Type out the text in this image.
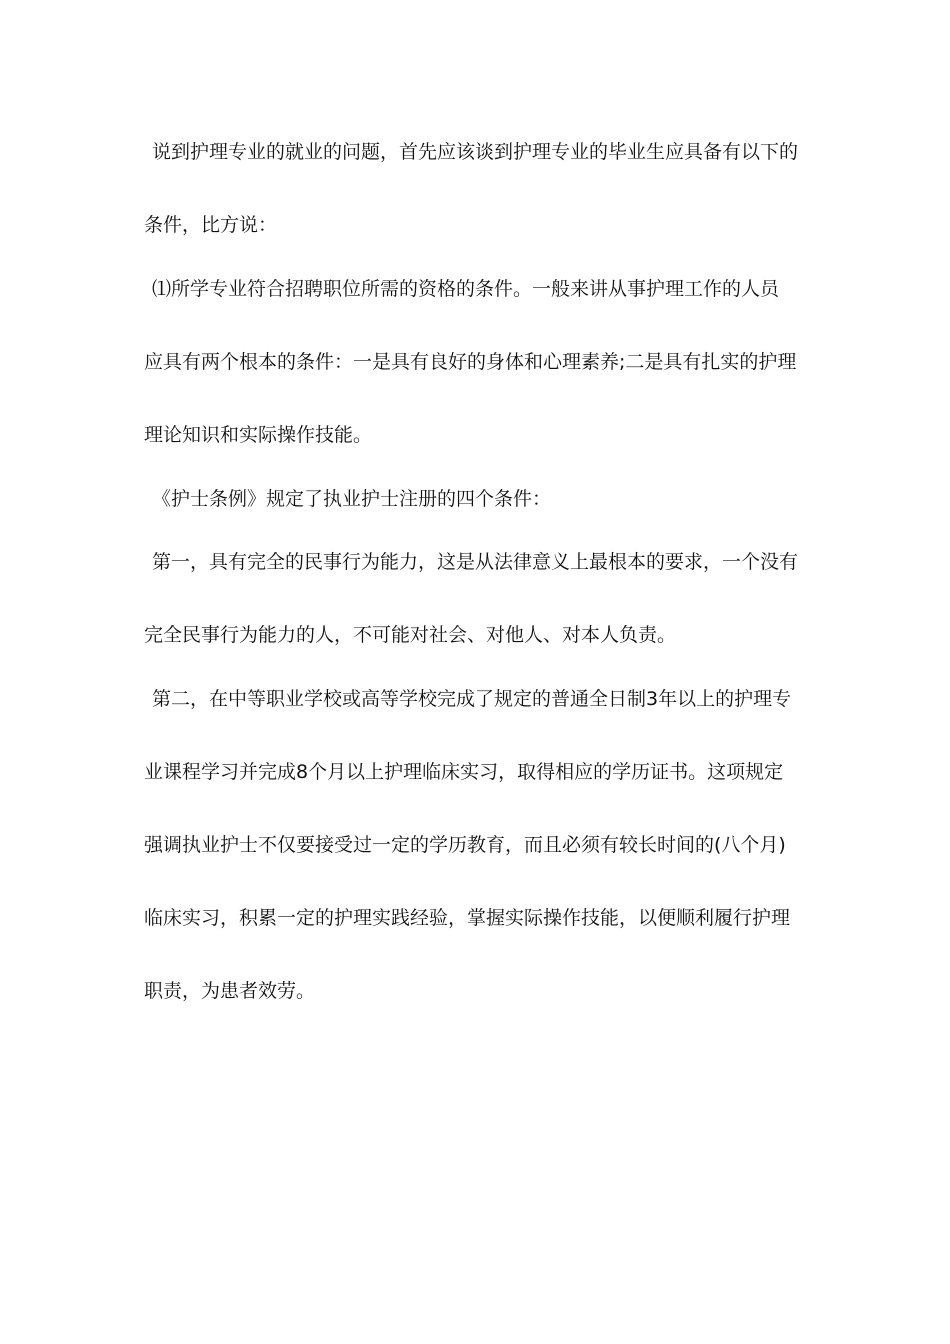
说到护理专业的就业的问题，首先应该谈到护理专业的毕业生应具备有以下的
条件，比方说：
⑴所学专业符合招聘职位所需的资格的条件。一般来讲从事护理工作的人员
应具有两个根本的条件：一是具有良好的身体和心理素养;二是具有扎实的护理
理论知识和实际操作技能。
《护士条例》规定了执业护士注册的四个条件：
第一，具有完全的民事行为能力，这是从法律意义上最根本的要求，一个没有
完全民事行为能力的人，不可能对社会、对他人、对本人负责。
第二，在中等职业学校或高等学校完成了规定的普通全日制3年以上的护理专
业课程学习并完成8个月以上护理临床实习，取得相应的学历证书。这项规定
强调执业护士不仅要接受过一定的学历教育，而且必须有较长时间的(八个月)
临床实习，积累一定的护理实践经验，掌握实际操作技能，以便顺利履行护理
职责，为患者效劳。
